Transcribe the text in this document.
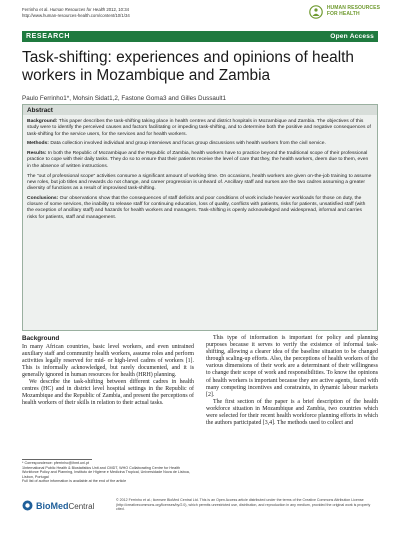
Ferrinho et al. Human Resources for Health 2012, 10:34
http://www.human-resources-health.com/content/10/1/34
HUMAN RESOURCES
FOR HEALTH
RESEARCH	Open Access
Task-shifting: experiences and opinions of health workers in Mozambique and Zambia
Paulo Ferrinho1*, Mohsin Sidat1,2, Fastone Goma3 and Gilles Dussault1
Abstract

Background: This paper describes the task-shifting taking place in health centres and district hospitals in Mozambique and Zambia. The objectives of this study were to identify the perceived causes and factors facilitating or impeding task-shifting, and to determine both the positive and negative consequences of task-shifting for the service users, for the services and for health workers.

Methods: Data collection involved individual and group interviews and focus group discussions with health workers from the civil service.

Results: In both the Republic of Mozambique and the Republic of Zambia, health workers have to practice beyond the traditional scope of their professional practice to cope with their daily tasks. They do so to ensure that their patients receive the level of care that they, the health workers, deem due to them, even in the absence of written instructions.

The "out of professional scope" activities consume a significant amount of working time. On occasions, health workers are given on-the-job training to assume new roles, but job titles and rewards do not change, and career progression is unheard of. Ancillary staff and nurses are the two cadres assuming a greater diversity of functions as a result of improvised task-shifting.

Conclusions: Our observations show that the consequences of staff deficits and poor conditions of work include heavier workloads for those on duty, the closure of some services, the inability to release staff for continuing education, loss of quality, conflicts with patients, risks for patients, unsatisfied staff (with the exception of ancillary staff) and hazards for health workers and managers. Task-shifting is openly acknowledged and widespread, informal and carries risks for patients, staff and management.

Background

In many African countries, basic level workers, and even untrained auxiliary staff and community health workers, assume roles and perform activities legally reserved for mid- or high-level cadres of workers [1]. This is informally acknowledged, but rarely documented, and it is generally ignored in human resources for health (HRH) planning.

We describe the task-shifting between different cadres in health centres (HC) and in district level hospital settings in the Republic of Mozambique and the Republic of Zambia, and present the perceptions of health workers of their skills in relation to their actual tasks.

This type of information is important for policy and planning purposes because it serves to verify the existence of informal task-shifting, allowing a clearer idea of the baseline situation to be changed through scaling-up efforts. Also, the perceptions of health workers of the various dimensions of their work are a determinant of their willingness to change their scope of work and responsibilities. To know the opinions of health workers is important because they are active agents, faced with many competing incentives and constraints, in dynamic labour markets [2].

The first section of the paper is a brief description of the health workforce situation in Mozambique and Zambia, two countries which were selected for their recent health workforce planning efforts in which the authors participated [3,4]. The methods used to collect and

* Correspondence: pferrinho@ihmt.unl.pt
1International Public Health & Biostatistics Unit and CMDT, WHO Collaborating Centre for Health Workforce Policy and Planning, Instituto de Higiene e Medicina Tropical, Universidade Nova de Lisboa, Lisbon, Portugal
Full list of author information is available at the end of the article
BioMedCentral
© 2012 Ferrinho et al.; licensee BioMed Central Ltd. This is an Open Access article distributed under the terms of the Creative Commons Attribution License (http://creativecommons.org/licenses/by/2.0), which permits unrestricted use, distribution, and reproduction in any medium, provided the original work is properly cited.
